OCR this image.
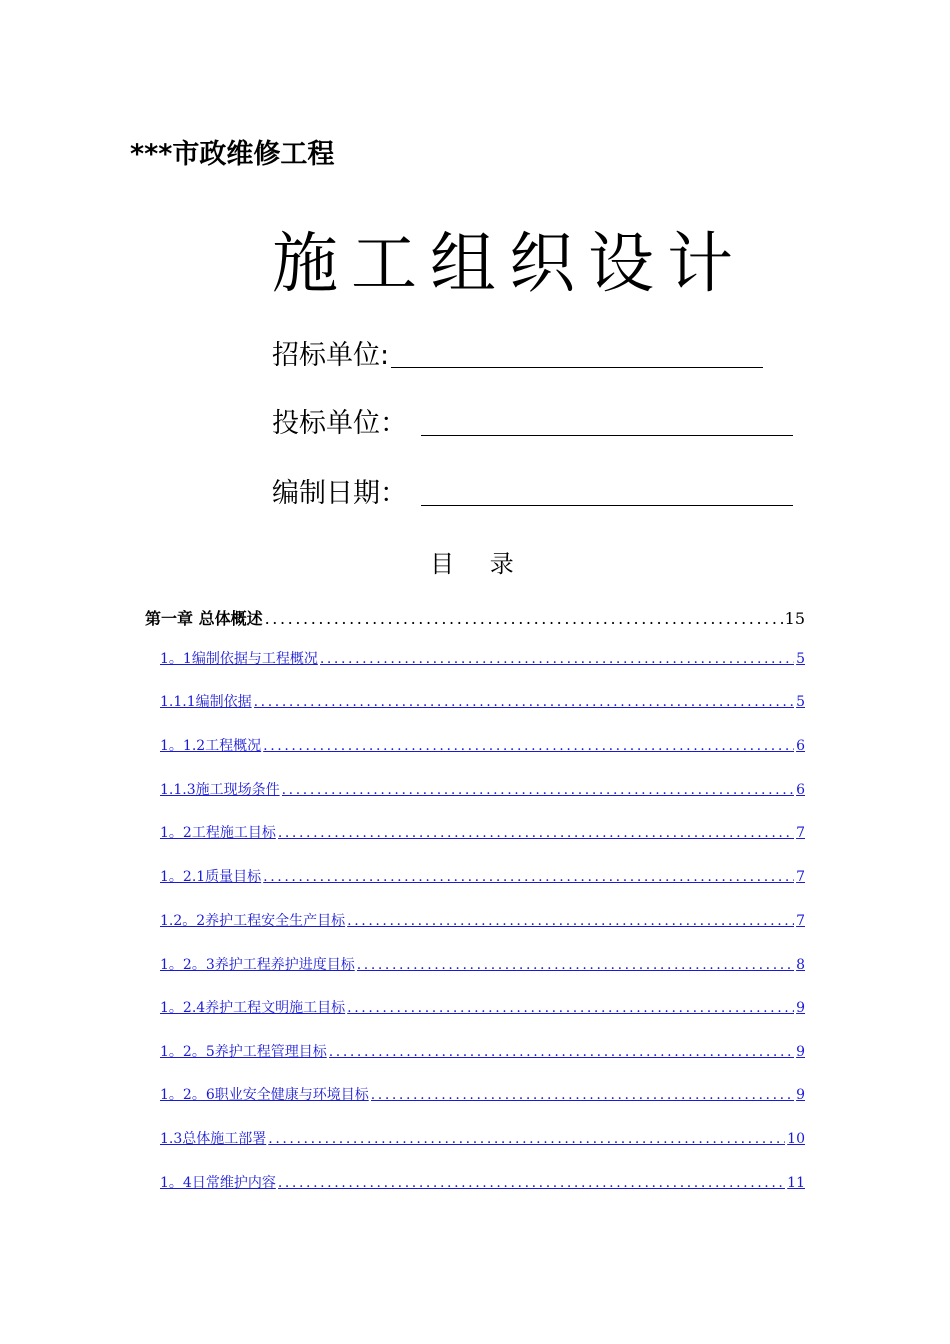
***市政维修工程
施工组织设计
招标单位:
投标单位：
编制日期：
目 录
第一章 总体概述 .....	15
1。1编制依据与工程概况 .....	5
1.1.1编制依据 .....	5
1。1.2工程概况 .....	6
1.1.3施工现场条件 .....	6
1。2工程施工目标 .....	7
1。2.1质量目标 .....	7
1.2。2养护工程安全生产目标 .....	7
1。2。3养护工程养护进度目标 .....	8
1。2.4养护工程文明施工目标 .....	9
1。2。5养护工程管理目标 .....	9
1。2。6职业安全健康与环境目标 .....	9
1.3总体施工部署 .....	10
1。4日常维护内容 .....	11
